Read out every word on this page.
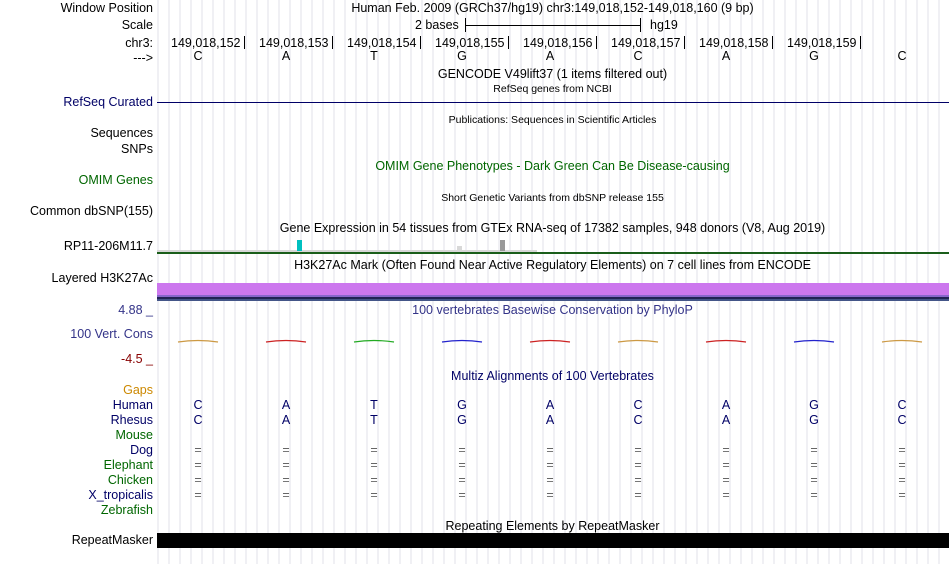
Window Position	Human Feb. 2009 (GRCh37/hg19) chr3:149,018,152-149,018,160 (9 bp)
Scale	2 bases	hg19
chr3: 149,018,152 149,018,153 149,018,154 149,018,155 149,018,156 149,018,157 149,018,158 149,018,159
--->	C	A	T	G	A	C	A	G	C
GENCODE V49lift37 (1 items filtered out)
RefSeq genes from NCBI
RefSeq Curated
Publications: Sequences in Scientific Articles
Sequences
SNPs
OMIM Gene Phenotypes - Dark Green Can Be Disease-causing
OMIM Genes
Short Genetic Variants from dbSNP release 155
Common dbSNP(155)
Gene Expression in 54 tissues from GTEx RNA-seq of 17382 samples, 948 donors (V8, Aug 2019)
RP11-206M11.7
H3K27Ac Mark (Often Found Near Active Regulatory Elements) on 7 cell lines from ENCODE
Layered H3K27Ac
100 vertebrates Basewise Conservation by PhyloP
4.88 _
100 Vert. Cons
-4.5 _
Gaps
Multiz Alignments of 100 Vertebrates
Human	C	A	T	G	A	C	A	G	C
Rhesus	C	A	T	G	A	C	A	G	C
Mouse
Dog	=	=	=	=	=	=	=	=	=
Elephant	=	=	=	=	=	=	=	=	=
Chicken	=	=	=	=	=	=	=	=	=
X_tropicalis	=	=	=	=	=	=	=	=	=
Zebrafish
Repeating Elements by RepeatMasker
RepeatMasker
